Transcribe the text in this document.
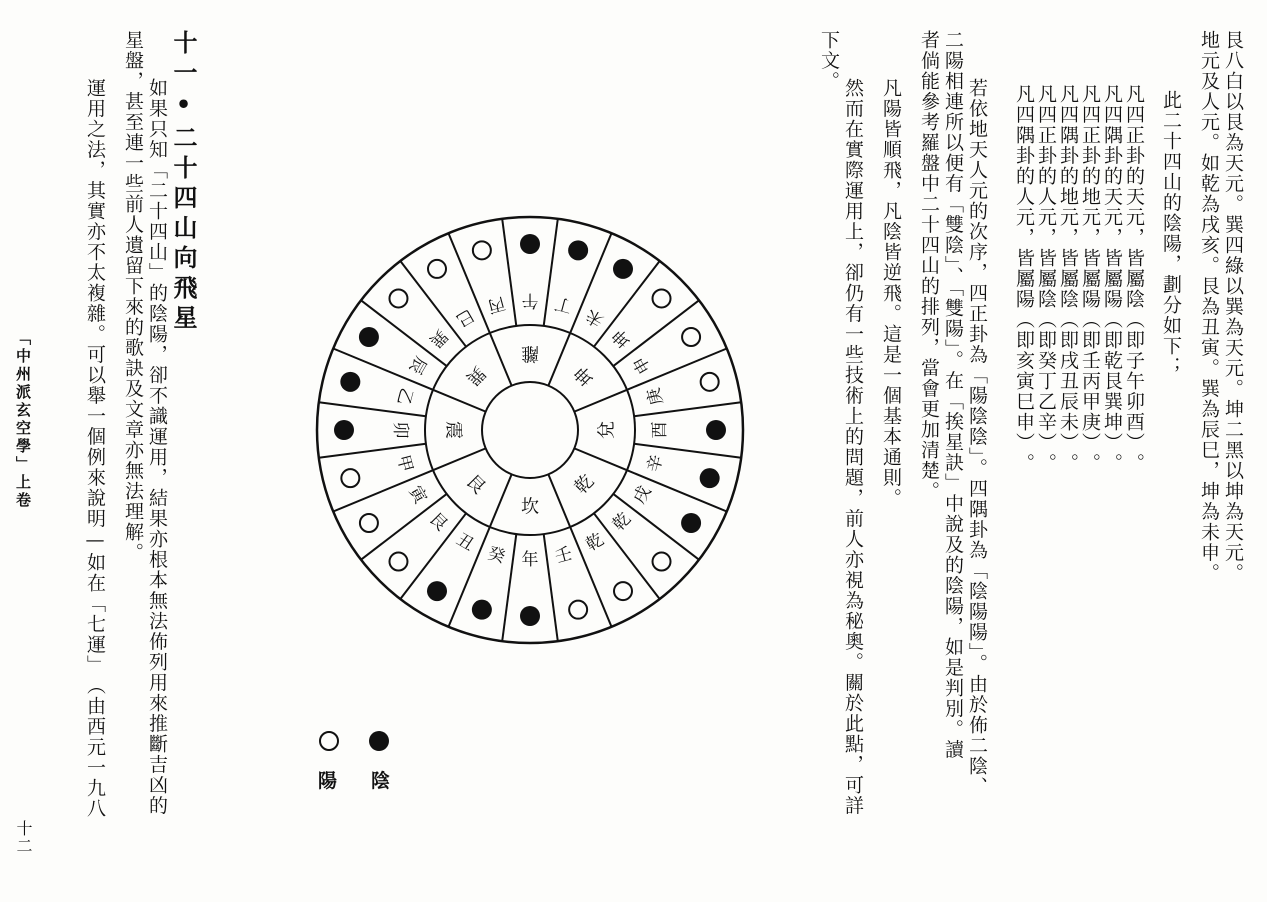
艮八白以艮為天元。巽四綠以巽為天元。坤二黑以坤為天元。
地元及人元。如乾為戌亥。艮為丑寅。巽為辰巳，坤為未申。
此二十四山的陰陽，劃分如下；
凡四正卦的天元，皆屬陰︵即子午卯酉︶。
凡四隅卦的天元，皆屬陽︵即乾艮巽坤︶。
凡四正卦的地元，皆屬陽︵即壬丙甲庚︶。
凡四隅卦的地元，皆屬陰︵即戌丑辰未︶。
凡四正卦的人元，皆屬陰︵即癸丁乙辛︶。
凡四隅卦的人元，皆屬陽︵即亥寅巳申︶。
若依地天人元的次序，四正卦為「陽陰陰」。四隅卦為「陰陽陽」。由於佈二陰、
二陽相連所以便有「雙陰」、「雙陽」。在「挨星訣」中說及的陰陽，如是判別。讀
者倘能參考羅盤中二十四山的排列，當會更加清楚。
凡陽皆順飛，凡陰皆逆飛。這是一個基本通則。
然而在實際運用上，卻仍有一些技術上的問題，前人亦視為秘奧。關於此點，可詳
下文。
十一•二十四山向飛星
如果只知「二十四山」的陰陽，卻不識運用，結果亦根本無法佈列用來推斷吉凶的
星盤，甚至連一些前人遺留下來的歌訣及文章亦無法理解。
運用之法，其實亦不太複雜。可以舉一個例來說明—如在「七運」︵由西元一九八
「中州派玄空學」上卷
十二
年
癸
丑
艮
寅
甲
卯
乙
辰
巽
巳
丙 午 丁
未
坤
申
庚
酉
辛
戌
乾
乾
壬
坎
艮
震
巽
離
坤
兌
乾
陽 陰
